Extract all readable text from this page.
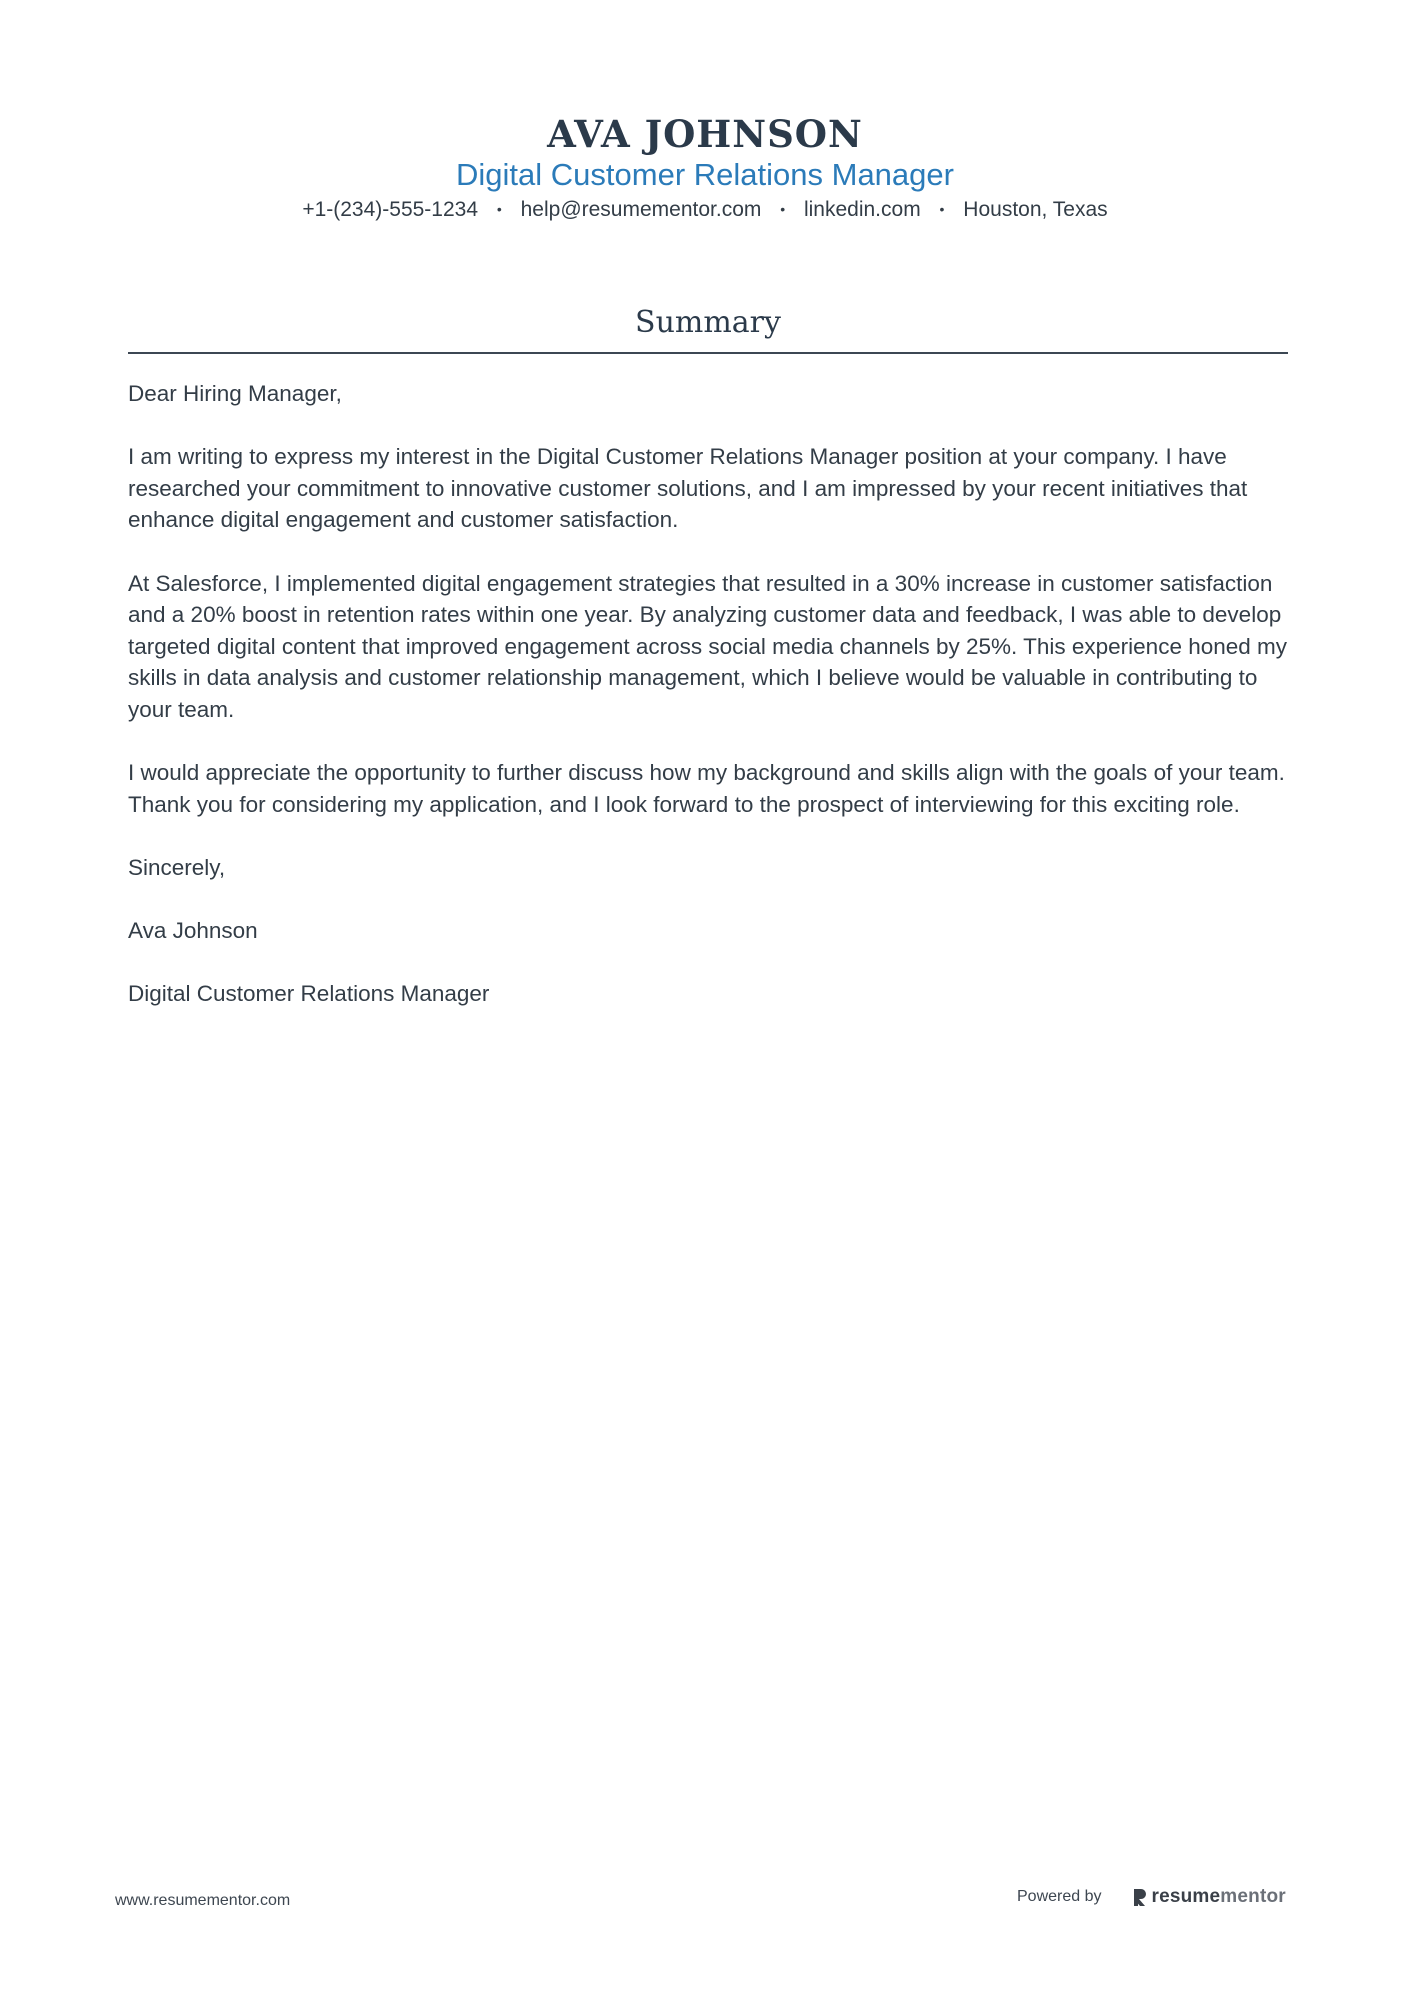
AVA JOHNSON
Digital Customer Relations Manager
+1-(234)-555-1234 • help@resumementor.com • linkedin.com • Houston, Texas
Summary

Dear Hiring Manager,

I am writing to express my interest in the Digital Customer Relations Manager position at your company. I have researched your commitment to innovative customer solutions, and I am impressed by your recent initiatives that enhance digital engagement and customer satisfaction.

At Salesforce, I implemented digital engagement strategies that resulted in a 30% increase in customer satisfaction and a 20% boost in retention rates within one year. By analyzing customer data and feedback, I was able to develop targeted digital content that improved engagement across social media channels by 25%. This experience honed my skills in data analysis and customer relationship management, which I believe would be valuable in contributing to your team.

I would appreciate the opportunity to further discuss how my background and skills align with the goals of your team. Thank you for considering my application, and I look forward to the prospect of interviewing for this exciting role.

Sincerely,

Ava Johnson

Digital Customer Relations Manager

www.resumementor.com	Powered by	resume mentor
